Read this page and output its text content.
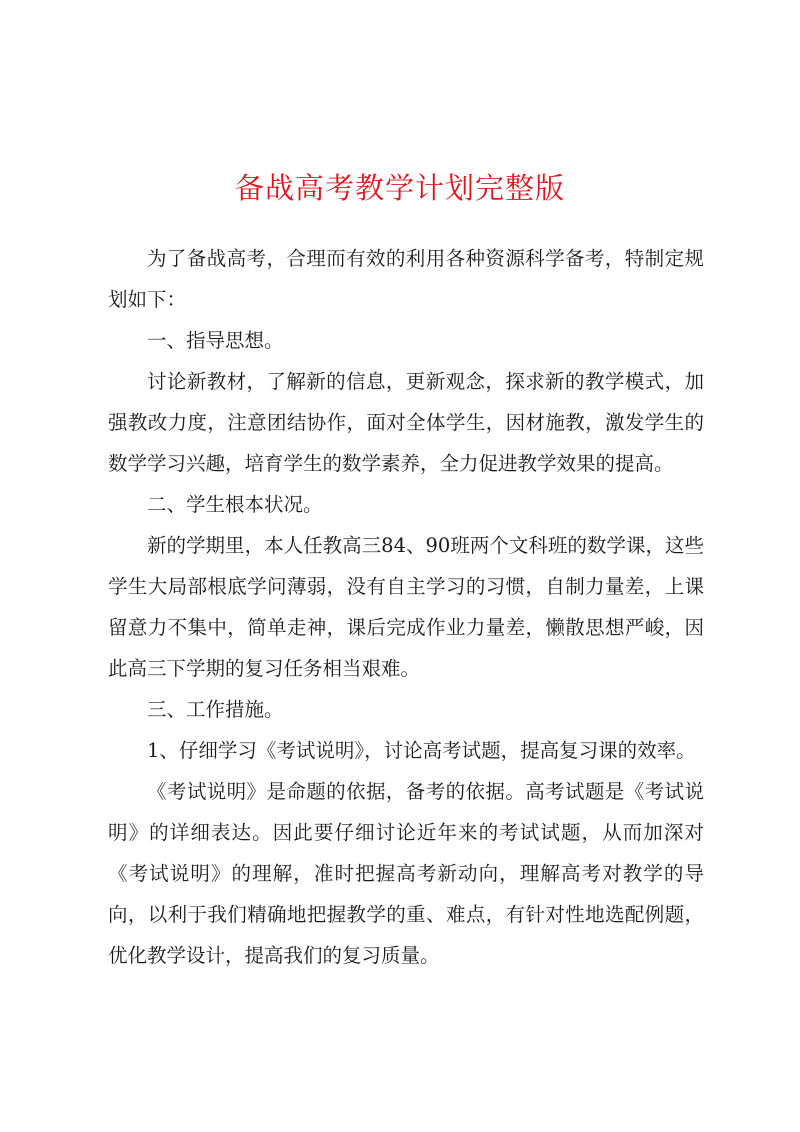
备战高考教学计划完整版

为了备战高考，合理而有效的利用各种资源科学备考，特制定规划如下：

一、指导思想。

讨论新教材，了解新的信息，更新观念，探求新的教学模式，加强教改力度，注意团结协作，面对全体学生，因材施教，激发学生的数学学习兴趣，培育学生的数学素养，全力促进教学效果的提高。

二、学生根本状况。

新的学期里，本人任教高三84、90班两个文科班的数学课，这些学生大局部根底学问薄弱，没有自主学习的习惯，自制力量差，上课留意力不集中，简单走神，课后完成作业力量差，懒散思想严峻，因此高三下学期的复习任务相当艰难。

三、工作措施。

1、仔细学习《考试说明》，讨论高考试题，提高复习课的效率。

《考试说明》是命题的依据，备考的依据。高考试题是《考试说明》的详细表达。因此要仔细讨论近年来的考试试题，从而加深对《考试说明》的理解，准时把握高考新动向，理解高考对教学的导向，以利于我们精确地把握教学的重、难点，有针对性地选配例题，优化教学设计，提高我们的复习质量。
